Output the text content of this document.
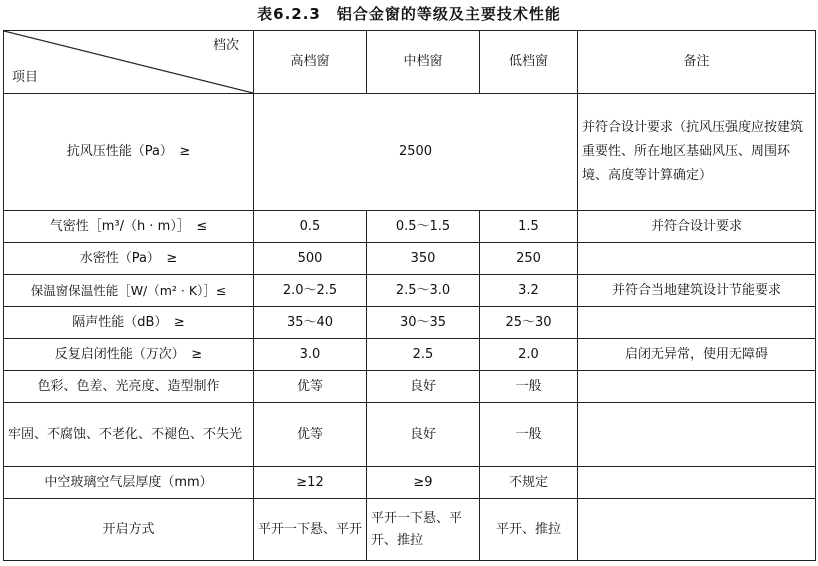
表6.2.3　铝合金窗的等级及主要技术性能
档次
项目	高档窗	中档窗	低档窗	备注
抗风压性能（Pa）　≥	2500			并符合设计要求（抗风压强度应按建筑重要性、所在地区基础风压、周围环境、高度等计算确定）
气密性［m³/（h · m）］　≤	0.5	0.5～1.5	1.5	并符合设计要求
水密性（Pa）　≥	500	350	250	
保温窗保温性能［W/（m² · K）］≤	2.0～2.5	2.5～3.0	3.2	并符合当地建筑设计节能要求
隔声性能（dB）　≥	35～40	30～35	25～30	
反复启闭性能（万次）　≥	3.0	2.5	2.0	启闭无异常，使用无障碍
色彩、色差、光亮度、造型制作	优等	良好	一般	
牢固、不腐蚀、不老化、不褪色、不失光	优等	良好	一般	
中空玻璃空气层厚度（mm）	≥12	≥9	不规定	
开启方式	平开一下悬、平开	平开一下悬、平开、推拉	平开、推拉	
